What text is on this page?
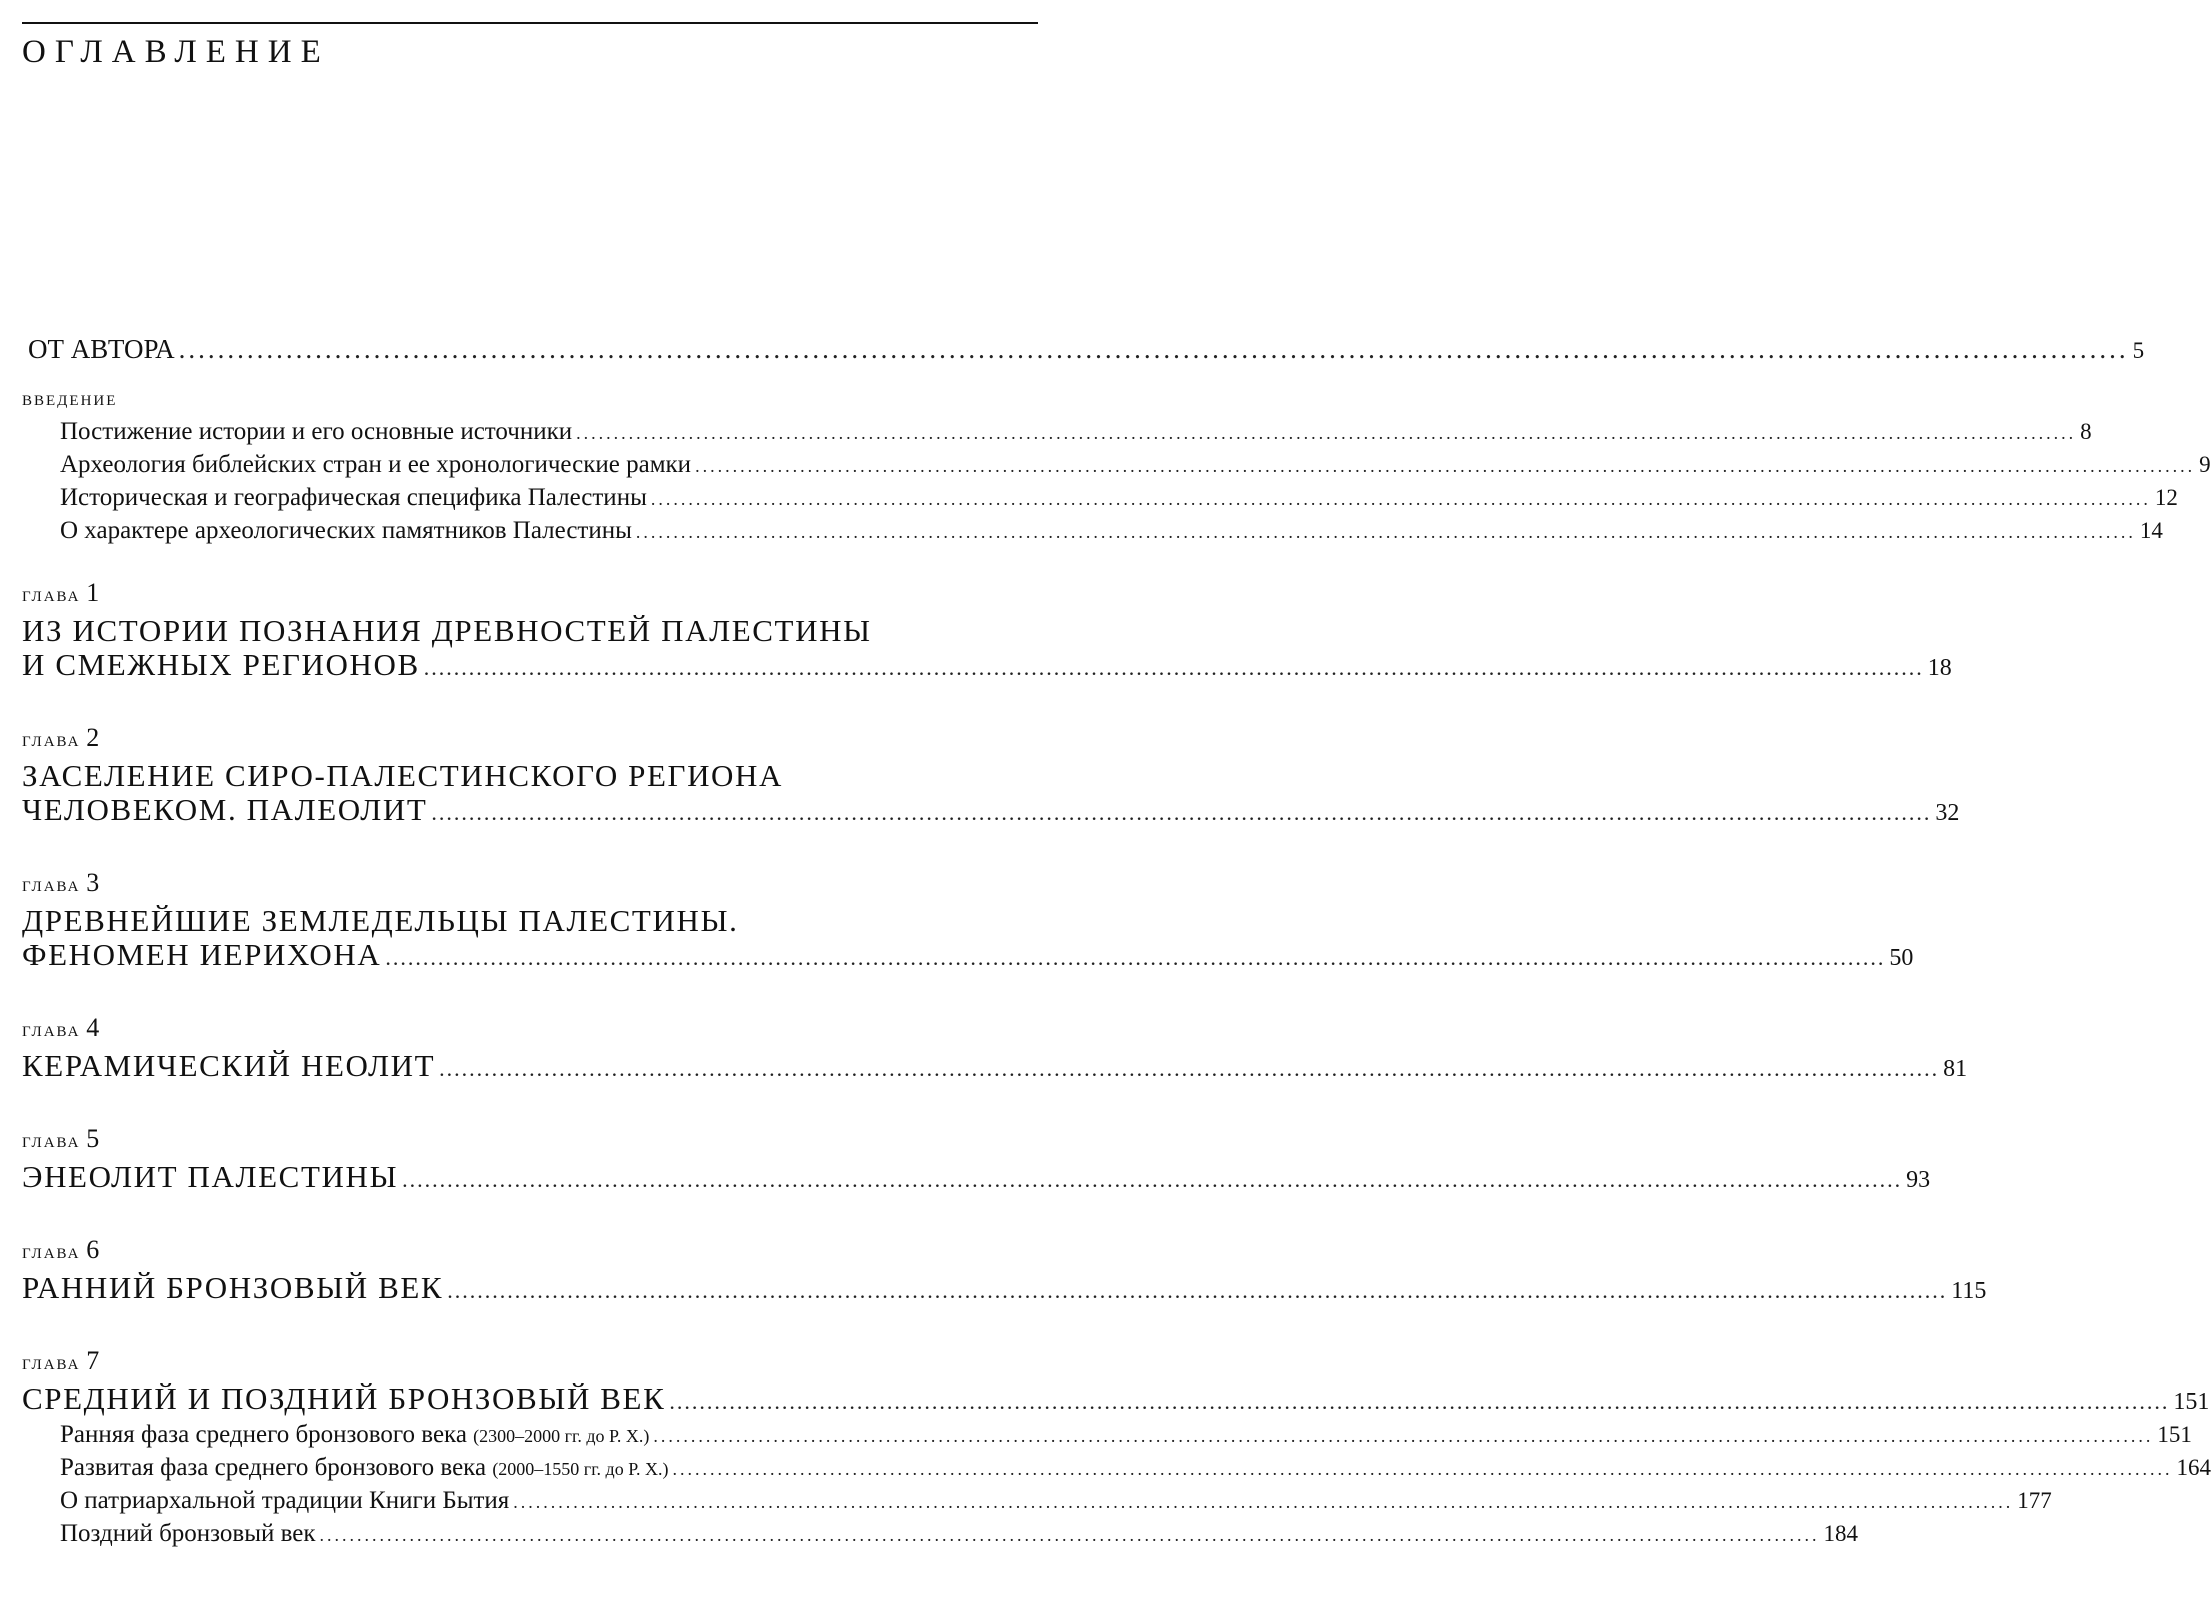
ОГЛАВЛЕНИЕ
ОТ АВТОРА ........................................................................................................................................................................................................ 5
ВВЕДЕНИЕ
Постижение истории и его основные источники ........................................................................................................................................................................................................ 8
Археология библейских стран и ее хронологические рамки ........................................................................................................................................................................................................ 9
Историческая и географическая специфика Палестины ........................................................................................................................................................................................................ 12
О характере археологических памятников Палестины ........................................................................................................................................................................................................ 14
ГЛАВА 1
ИЗ ИСТОРИИ ПОЗНАНИЯ ДРЕВНОСТЕЙ ПАЛЕСТИНЫ
И СМЕЖНЫХ РЕГИОНОВ ........................................................................................................................................................................................................ 18
ГЛАВА 2
ЗАСЕЛЕНИЕ СИРО-ПАЛЕСТИНСКОГО РЕГИОНА
ЧЕЛОВЕКОМ. ПАЛЕОЛИТ ........................................................................................................................................................................................................ 32
ГЛАВА 3
ДРЕВНЕЙШИЕ ЗЕМЛЕДЕЛЬЦЫ ПАЛЕСТИНЫ.
ФЕНОМЕН ИЕРИХОНА ........................................................................................................................................................................................................ 50
ГЛАВА 4
КЕРАМИЧЕСКИЙ НЕОЛИТ ........................................................................................................................................................................................................ 81
ГЛАВА 5
ЭНЕОЛИТ ПАЛЕСТИНЫ ........................................................................................................................................................................................................ 93
ГЛАВА 6
РАННИЙ БРОНЗОВЫЙ ВЕК ........................................................................................................................................................................................................ 115
ГЛАВА 7
СРЕДНИЙ И ПОЗДНИЙ БРОНЗОВЫЙ ВЕК ........................................................................................................................................................................................................ 151
Ранняя фаза среднего бронзового века (2300–2000 гг. до Р. Х.) ........................................................................................................................................................................................................ 151
Развитая фаза среднего бронзового века (2000–1550 гг. до Р. Х.) ........................................................................................................................................................................................................ 164
О патриархальной традиции Книги Бытия ........................................................................................................................................................................................................ 177
Поздний бронзовый век ........................................................................................................................................................................................................ 184
